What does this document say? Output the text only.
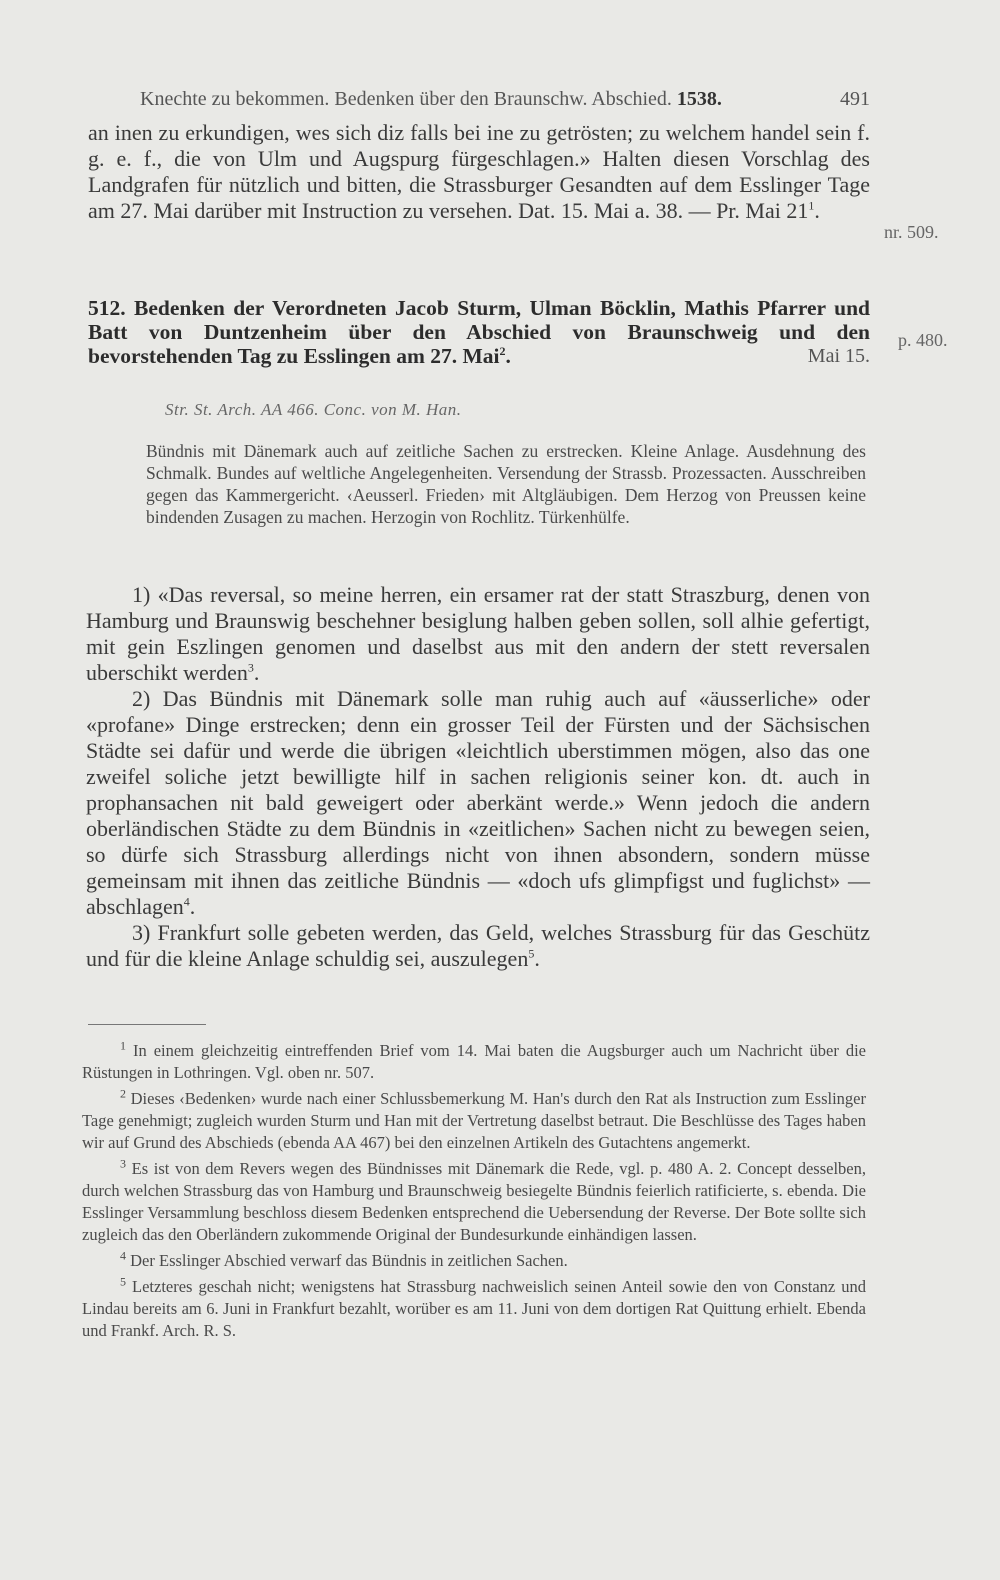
Knechte zu bekommen. Bedenken über den Braunschw. Abschied. 1538.	491
an inen zu erkundigen, wes sich diz falls bei ine zu getrösten; zu welchem handel sein f. g. e. f., die von Ulm und Augspurg fürgeschlagen.» Halten diesen Vorschlag des Landgrafen für nützlich und bitten, die Strassburger Gesandten auf dem Esslinger Tage am 27. Mai darüber mit Instruction zu versehen. Dat. 15. Mai a. 38. — Pr. Mai $21^1$.
nr. 509.
512. Bedenken der Verordneten Jacob Sturm, Ulman Böcklin, Mathis Pfarrer und Batt von Duntzenheim über den Abschied von Braunschweig und den bevorstehenden Tag zu Esslingen am 27. Mai$^2$.	Mai 15.
p. 480.
Str. St. Arch. AA 466. Conc. von M. Han.
Bündnis mit Dänemark auch auf zeitliche Sachen zu erstrecken. Kleine Anlage. Ausdehnung des Schmalk. Bundes auf weltliche Angelegenheiten. Versendung der Strassb. Prozessacten. Ausschreiben gegen das Kammergericht. ‹Aeusserl. Frieden› mit Altgläubigen. Dem Herzog von Preussen keine bindenden Zusagen zu machen. Herzogin von Rochlitz. Türkenhülfe.

1) «Das reversal, so meine herren, ein ersamer rat der statt Straszburg, denen von Hamburg und Braunswig beschehner besiglung halben geben sollen, soll alhie gefertigt, mit gein Eszlingen genomen und daselbst aus mit den andern der stett reversalen uberschikt werden$^3$.

2) Das Bündnis mit Dänemark solle man ruhig auch auf «äusserliche» oder «profane» Dinge erstrecken; denn ein grosser Teil der Fürsten und der Sächsischen Städte sei dafür und werde die übrigen «leichtlich uberstimmen mögen, also das one zweifel soliche jetzt bewilligte hilf in sachen religionis seiner kon. dt. auch in prophansachen nit bald geweigert oder aberkänt werde.» Wenn jedoch die andern oberländischen Städte zu dem Bündnis in «zeitlichen» Sachen nicht zu bewegen seien, so dürfe sich Strassburg allerdings nicht von ihnen absondern, sondern müsse gemeinsam mit ihnen das zeitliche Bündnis — «doch ufs glimpfigst und fuglichst» — abschlagen$^4$.

3) Frankfurt solle gebeten werden, das Geld, welches Strassburg für das Geschütz und für die kleine Anlage schuldig sei, auszulegen$^5$.

$^1$ In einem gleichzeitig eintreffenden Brief vom 14. Mai baten die Augsburger auch um Nachricht über die Rüstungen in Lothringen. Vgl. oben nr. 507.

$^2$ Dieses ‹Bedenken› wurde nach einer Schlussbemerkung M. Han's durch den Rat als Instruction zum Esslinger Tage genehmigt; zugleich wurden Sturm und Han mit der Vertretung daselbst betraut. Die Beschlüsse des Tages haben wir auf Grund des Abschieds (ebenda AA 467) bei den einzelnen Artikeln des Gutachtens angemerkt.

$^3$ Es ist von dem Revers wegen des Bündnisses mit Dänemark die Rede, vgl. p. 480 A. 2. Concept desselben, durch welchen Strassburg das von Hamburg und Braunschweig besiegelte Bündnis feierlich ratificierte, s. ebenda. Die Esslinger Versammlung beschloss diesem Bedenken entsprechend die Uebersendung der Reverse. Der Bote sollte sich zugleich das den Oberländern zukommende Original der Bundesurkunde einhändigen lassen.

$^4$ Der Esslinger Abschied verwarf das Bündnis in zeitlichen Sachen.

$^5$ Letzteres geschah nicht; wenigstens hat Strassburg nachweislich seinen Anteil sowie den von Constanz und Lindau bereits am 6. Juni in Frankfurt bezahlt, worüber es am 11. Juni von dem dortigen Rat Quittung erhielt. Ebenda und Frankf. Arch. R. S.
